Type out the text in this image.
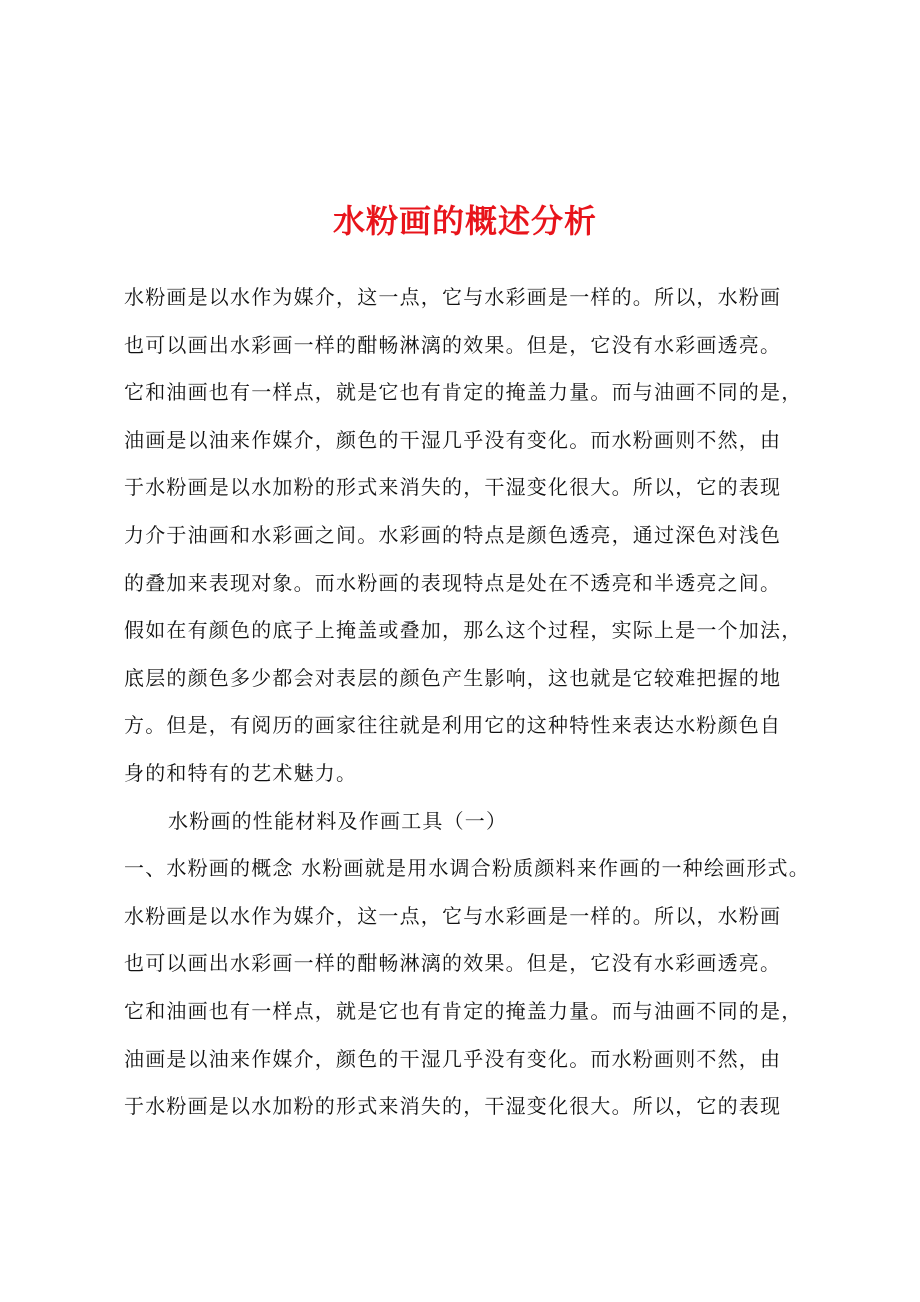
水粉画的概述分析
水粉画是以水作为媒介，这一点，它与水彩画是一样的。所以，水粉画
也可以画出水彩画一样的酣畅淋漓的效果。但是，它没有水彩画透亮。
它和油画也有一样点，就是它也有肯定的掩盖力量。而与油画不同的是，
油画是以油来作媒介，颜色的干湿几乎没有变化。而水粉画则不然，由
于水粉画是以水加粉的形式来消失的，干湿变化很大。所以，它的表现
力介于油画和水彩画之间。水彩画的特点是颜色透亮，通过深色对浅色
的叠加来表现对象。而水粉画的表现特点是处在不透亮和半透亮之间。
假如在有颜色的底子上掩盖或叠加，那么这个过程，实际上是一个加法，
底层的颜色多少都会对表层的颜色产生影响，这也就是它较难把握的地
方。但是，有阅历的画家往往就是利用它的这种特性来表达水粉颜色自
身的和特有的艺术魅力。
水粉画的性能材料及作画工具（一）
一、水粉画的概念 水粉画就是用水调合粉质颜料来作画的一种绘画形式。
水粉画是以水作为媒介，这一点，它与水彩画是一样的。所以，水粉画
也可以画出水彩画一样的酣畅淋漓的效果。但是，它没有水彩画透亮。
它和油画也有一样点，就是它也有肯定的掩盖力量。而与油画不同的是，
油画是以油来作媒介，颜色的干湿几乎没有变化。而水粉画则不然，由
于水粉画是以水加粉的形式来消失的，干湿变化很大。所以，它的表现
